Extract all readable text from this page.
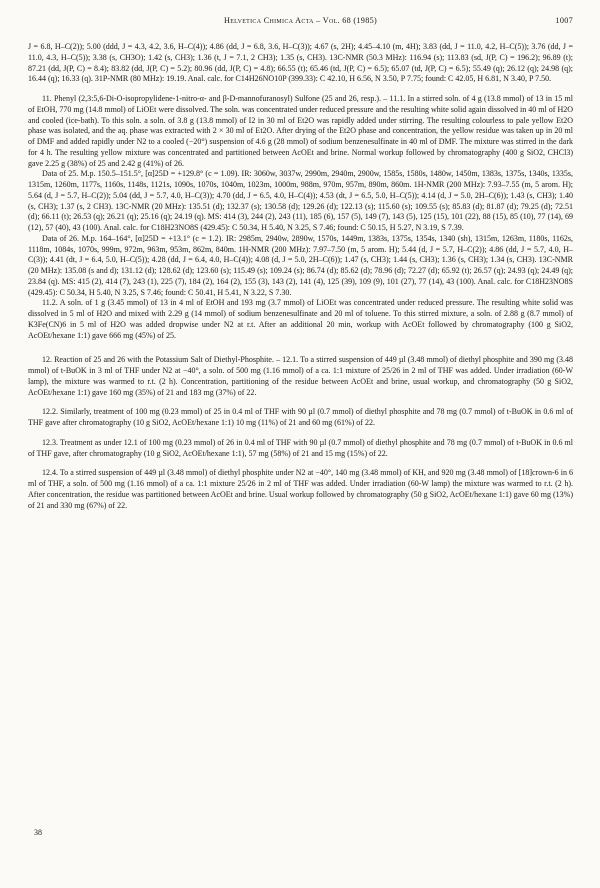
Helvetica Chimica Acta – Vol. 68 (1985)	1007

J = 6.8, H–C(2)); 5.00 (ddd, J = 4.3, 4.2, 3.6, H–C(4)); 4.86 (dd, J = 6.8, 3.6, H–C(3)); 4.67 (s, 2H); 4.45–4.10 (m, 4H); 3.83 (dd, J = 11.0, 4.2, H–C(5)); 3.76 (dd, J = 11.0, 4.3, H–C(5)); 3.38 (s, CH3O); 1.42 (s, CH3); 1.36 (t, J = 7.1, 2 CH3); 1.35 (s, CH3). 13C-NMR (50.3 MHz): 116.94 (s); 113.83 (sd, J(P, C) = 196.2); 96.89 (t); 87.21 (dd, J(P, C) = 8.4); 83.82 (dd, J(P, C) = 5.2); 80.96 (dd, J(P, C) = 4.8); 66.55 (t); 65.46 (td, J(P, C) = 6.5); 65.07 (td, J(P, C) = 6.5); 55.49 (q); 26.12 (q); 24.98 (q); 16.44 (q); 16.33 (q). 31P-NMR (80 MHz): 19.19. Anal. calc. for C14H26NO10P (399.33): C 42.10, H 6.56, N 3.50, P 7.75; found: C 42.05, H 6.81, N 3.40, P 7.50.

11. Phenyl (2,3:5,6-Di-O-isopropylidene-1-nitro-α- and β-D-mannofuranosyl) Sulfone (25 and 26, resp.). – 11.1. In a stirred soln. of 4 g (13.8 mmol) of 13 in 15 ml of EtOH, 770 mg (14.8 mmol) of LiOEt were dissolved. The soln. was concentrated under reduced pressure and the resulting white solid again dissolved in 40 ml of H2O and cooled (ice-bath). To this soln. a soln. of 3.8 g (13.8 mmol) of I2 in 30 ml of Et2O was rapidly added under stirring. The resulting colourless to pale yellow Et2O phase was isolated, and the aq. phase was extracted with 2 × 30 ml of Et2O. After drying of the Et2O phase and concentration, the yellow residue was taken up in 20 ml of DMF and added rapidly under N2 to a cooled (−20°) suspension of 4.6 g (28 mmol) of sodium benzenesulfinate in 40 ml of DMF. The mixture was stirred in the dark for 4 h. The resulting yellow mixture was concentrated and partitioned between AcOEt and brine. Normal workup followed by chromatography (400 g SiO2, CHCl3) gave 2.25 g (38%) of 25 and 2.42 g (41%) of 26.

Data of 25. M.p. 150.5–151.5°, [α]25D = +129.8° (c = 1.09). IR: 3060w, 3037w, 2990m, 2940m, 2900w, 1585s, 1580s, 1480w, 1450m, 1383s, 1375s, 1340s, 1335s, 1315m, 1260m, 1177s, 1160s, 1148s, 1121s, 1090s, 1070s, 1040m, 1023m, 1000m, 988m, 970m, 957m, 890m, 860m. 1H-NMR (200 MHz): 7.93–7.55 (m, 5 arom. H); 5.64 (d, J = 5.7, H–C(2)); 5.04 (dd, J = 5.7, 4.0, H–C(3)); 4.70 (dd, J = 6.5, 4.0, H–C(4)); 4.53 (dt, J = 6.5, 5.0, H–C(5)); 4.14 (d, J = 5.0, 2H–C(6)); 1.43 (s, CH3); 1.40 (s, CH3); 1.37 (s, 2 CH3). 13C-NMR (20 MHz): 135.51 (d); 132.37 (s); 130.58 (d); 129.26 (d); 122.13 (s); 115.60 (s); 109.55 (s); 85.83 (d); 81.87 (d); 79.25 (d); 72.51 (d); 66.11 (t); 26.53 (q); 26.21 (q); 25.16 (q); 24.19 (q). MS: 414 (3), 244 (2), 243 (11), 185 (6), 157 (5), 149 (7), 143 (5), 125 (15), 101 (22), 88 (15), 85 (10), 77 (14), 69 (12), 57 (40), 43 (100). Anal. calc. for C18H23NO8S (429.45): C 50.34, H 5.40, N 3.25, S 7.46; found: C 50.15, H 5.27, N 3.19, S 7.39.

Data of 26. M.p. 164–164°, [α]25D = +13.1° (c = 1.2). IR: 2985m, 2940w, 2890w, 1570s, 1449m, 1383s, 1375s, 1354s, 1340 (sh), 1315m, 1263m, 1180s, 1162s, 1118m, 1084s, 1070s, 999m, 972m, 963m, 953m, 862m, 840m. 1H-NMR (200 MHz): 7.97–7.50 (m, 5 arom. H); 5.44 (d, J = 5.7, H–C(2)); 4.86 (dd, J = 5.7, 4.0, H–C(3)); 4.41 (dt, J = 6.4, 5.0, H–C(5)); 4.28 (dd, J = 6.4, 4.0, H–C(4)); 4.08 (d, J = 5.0, 2H–C(6)); 1.47 (s, CH3); 1.44 (s, CH3); 1.36 (s, CH3); 1.34 (s, CH3). 13C-NMR (20 MHz): 135.08 (s and d); 131.12 (d); 128.62 (d); 123.60 (s); 115.49 (s); 109.24 (s); 86.74 (d); 85.62 (d); 78.96 (d); 72.27 (d); 65.92 (t); 26.57 (q); 24.93 (q); 24.49 (q); 23.84 (q). MS: 415 (2), 414 (7), 243 (1), 225 (7), 184 (2), 164 (2), 155 (3), 143 (2), 141 (4), 125 (39), 109 (9), 101 (27), 77 (14), 43 (100). Anal. calc. for C18H23NO8S (429.45): C 50.34, H 5.40, N 3.25, S 7.46; found: C 50.41, H 5.41, N 3.22, S 7.30.

11.2. A soln. of 1 g (3.45 mmol) of 13 in 4 ml of EtOH and 193 mg (3.7 mmol) of LiOEt was concentrated under reduced pressure. The resulting white solid was dissolved in 5 ml of H2O and mixed with 2.29 g (14 mmol) of sodium benzenesulfinate and 20 ml of toluene. To this stirred mixture, a soln. of 2.88 g (8.7 mmol) of K3Fe(CN)6 in 5 ml of H2O was added dropwise under N2 at r.t. After an additional 20 min, workup with AcOEt followed by chromatography (100 g SiO2, AcOEt/hexane 1:1) gave 666 mg (45%) of 25.

12. Reaction of 25 and 26 with the Potassium Salt of Diethyl-Phosphite. – 12.1. To a stirred suspension of 449 µl (3.48 mmol) of diethyl phosphite and 390 mg (3.48 mmol) of t-BuOK in 3 ml of THF under N2 at −40°, a soln. of 500 mg (1.16 mmol) of a ca. 1:1 mixture of 25/26 in 2 ml of THF was added. Under irradiation (60-W lamp), the mixture was warmed to r.t. (2 h). Concentration, partitioning of the residue between AcOEt and brine, usual workup, and chromatography (50 g SiO2, AcOEt/hexane 1:1) gave 160 mg (35%) of 21 and 183 mg (37%) of 22.

12.2. Similarly, treatment of 100 mg (0.23 mmol) of 25 in 0.4 ml of THF with 90 µl (0.7 mmol) of diethyl phosphite and 78 mg (0.7 mmol) of t-BuOK in 0.6 ml of THF gave after chromatography (10 g SiO2, AcOEt/hexane 1:1) 10 mg (11%) of 21 and 60 mg (61%) of 22.

12.3. Treatment as under 12.1 of 100 mg (0.23 mmol) of 26 in 0.4 ml of THF with 90 µl (0.7 mmol) of diethyl phosphite and 78 mg (0.7 mmol) of t-BuOK in 0.6 ml of THF gave, after chromatography (10 g SiO2, AcOEt/hexane 1:1), 57 mg (58%) of 21 and 15 mg (15%) of 22.

12.4. To a stirred suspension of 449 µl (3.48 mmol) of diethyl phosphite under N2 at −40°, 140 mg (3.48 mmol) of KH, and 920 mg (3.48 mmol) of [18]crown-6 in 6 ml of THF, a soln. of 500 mg (1.16 mmol) of a ca. 1:1 mixture 25/26 in 2 ml of THF was added. Under irradiation (60-W lamp) the mixture was warmed to r.t. (2 h). After concentration, the residue was partitioned between AcOEt and brine. Usual workup followed by chromatography (50 g SiO2, AcOEt/hexane 1:1) gave 60 mg (13%) of 21 and 330 mg (67%) of 22.

38
